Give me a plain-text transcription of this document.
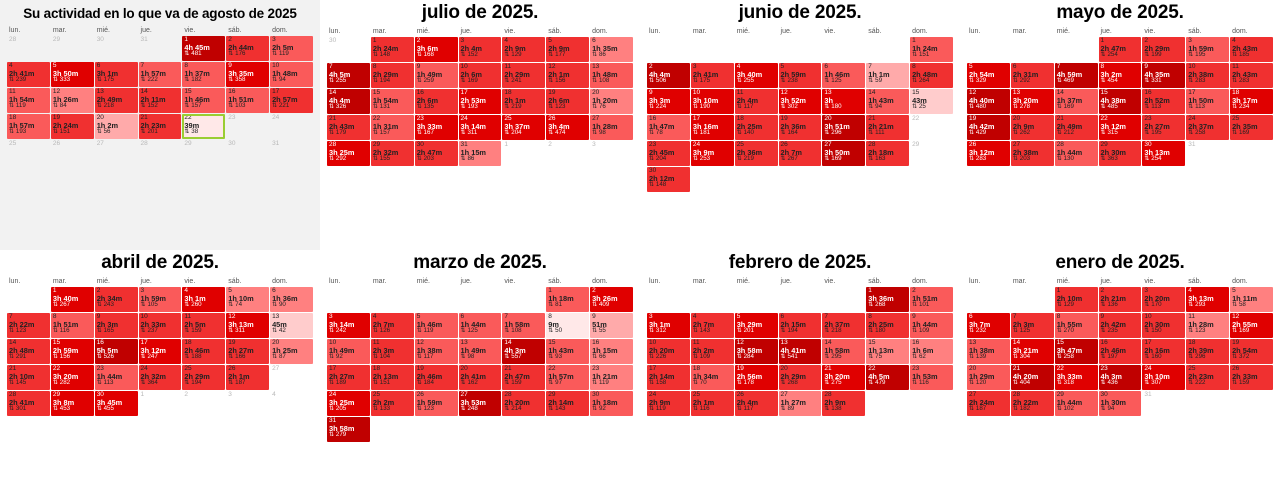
Su actividad en lo que va de agosto de 2025
lun.	mar.	mié.	jue.	vie.	sáb.	dom.

28	29	30	31	1
4h 45m
⇅ 481	2
2h 44m
⇅ 176	3
2h 5m
⇅ 119

4
2h 41m
⇅ 239	5
3h 50m
⇅ 333	6
3h 1m
⇅ 175	7
1h 57m
⇅ 222	8
1h 37m
⇅ 182	9
3h 35m
⇅ 358	10
1h 48m
⇅ 94

11
1h 54m
⇅ 119	12
1h 26m
⇅ 84	13
2h 49m
⇅ 218	14
2h 11m
⇅ 152	15
1h 46m
⇅ 157	16
1h 51m
⇅ 103	17
2h 57m
⇅ 221

18
1h 57m
⇅ 193	19
2h 24m
⇅ 151	20
1h 2m
⇅ 56	21
2h 23m
⇅ 201	22
39m
⇅ 38	23	24

25	26	27	28	29	30	31
julio de 2025.
lun.	mar.	mié.	jue.	vie.	sáb.	dom.

30	1
2h 24m
⇅ 148	2
3h 6m
⇅ 168	3
2h 4m
⇅ 152	4
2h 9m
⇅ 129	5
2h 9m
⇅ 177	6
1h 35m
⇅ 86

7
4h 5m
⇅ 255	8
2h 29m
⇅ 194	9
1h 49m
⇅ 259	10
2h 6m
⇅ 169	11
2h 29m
⇅ 241	12
2h 1m
⇅ 156	13
1h 48m
⇅ 108

14
4h 4m
⇅ 326	15
1h 54m
⇅ 131	16
2h 6m
⇅ 135	17
2h 53m
⇅ 193	18
2h 1m
⇅ 219	19
2h 6m
⇅ 123	20
1h 20m
⇅ 76

21
2h 43m
⇅ 179	22
1h 31m
⇅ 157	23
3h 33m
⇅ 167	24
3h 14m
⇅ 311	25
3h 37m
⇅ 204	26
3h 4m
⇅ 474	27
1h 28m
⇅ 98

28
3h 25m
⇅ 292	29
2h 32m
⇅ 155	30
2h 47m
⇅ 203	31
1h 15m
⇅ 86	1	2	3
junio de 2025.
lun.	mar.	mié.	jue.	vie.	sáb.	dom.

						1
1h 24m
⇅ 151

2
4h 4m
⇅ 506	3
2h 41m
⇅ 175	4
3h 40m
⇅ 255	5
2h 59m
⇅ 238	6
1h 46m
⇅ 125	7
1h 1m
⇅ 59	8
2h 48m
⇅ 264

9
3h 3m
⇅ 224	10
3h 10m
⇅ 190	11
2h 4m
⇅ 117	12
3h 52m
⇅ 302	13
3h
⇅ 180	14
1h 43m
⇅ 94	15
43m
⇅ 25

16
1h 47m
⇅ 78	17
3h 16m
⇅ 181	18
2h 25m
⇅ 140	19
2h 36m
⇅ 164	20
3h 51m
⇅ 296	21
2h 21m
⇅ 111	22

23
2h 45m
⇅ 204	24
3h 9m
⇅ 253	25
2h 36m
⇅ 219	26
2h 7m
⇅ 267	27
3h 50m
⇅ 169	28
2h 18m
⇅ 163	29

30
2h 12m
⇅ 148						

mayo de 2025.
lun.	mar.	mié.	jue.	vie.	sáb.	dom.

			1
2h 47m
⇅ 254	2
2h 29m
⇅ 199	3
1h 59m
⇅ 195	4
2h 43m
⇅ 185

5
2h 54m
⇅ 329	6
2h 31m
⇅ 292	7
4h 59m
⇅ 469	8
3h 2m
⇅ 454	9
4h 35m
⇅ 331	10
2h 38m
⇅ 283	11
2h 43m
⇅ 283

12
4h 40m
⇅ 480	13
3h 20m
⇅ 278	14
1h 37m
⇅ 169	15
4h 38m
⇅ 485	16
2h 52m
⇅ 113	17
1h 50m
⇅ 113	18
3h 17m
⇅ 234

19
4h 42m
⇅ 429	20
2h 9m
⇅ 262	21
2h 49m
⇅ 212	22
3h 12m
⇅ 315	23
2h 27m
⇅ 195	24
2h 37m
⇅ 258	25
2h 35m
⇅ 169

26
3h 12m
⇅ 283	27
2h 38m
⇅ 203	28
1h 44m
⇅ 130	29
2h 30m
⇅ 363	30
3h 13m
⇅ 254	31	

abril de 2025.
lun.	mar.	mié.	jue.	vie.	sáb.	dom.

	1
3h 40m
⇅ 267	2
2h 34m
⇅ 243	3
1h 59m
⇅ 105	4
3h 1m
⇅ 260	5
1h 10m
⇅ 74	6
1h 36m
⇅ 90

7
2h 22m
⇅ 123	8
1h 51m
⇅ 116	9
2h 3m
⇅ 165	10
2h 33m
⇅ 237	11
2h 5m
⇅ 159	12
3h 13m
⇅ 311	13
45m
⇅ 42

14
2h 48m
⇅ 291	15
2h 59m
⇅ 156	16
5h 5m
⇅ 526	17
3h 12m
⇅ 247	18
2h 46m
⇅ 188	19
2h 27m
⇅ 166	20
1h 25m
⇅ 87

21
2h 10m
⇅ 145	22
3h 20m
⇅ 282	23
1h 44m
⇅ 113	24
2h 32m
⇅ 364	25
2h 29m
⇅ 194	26
2h 1m
⇅ 187	27

28
2h 41m
⇅ 301	29
3h 8m
⇅ 453	30
3h 45m
⇅ 455	1	2	3	4
marzo de 2025.
lun.	mar.	mié.	jue.	vie.	sáb.	dom.

					1
1h 18m
⇅ 81	2
3h 26m
⇅ 409

3
3h 14m
⇅ 242	4
2h 7m
⇅ 126	5
1h 46m
⇅ 119	6
1h 44m
⇅ 125	7
1h 58m
⇅ 108	8
9m
⇅ 50	9
51m
⇅ 55

10
1h 49m
⇅ 92	11
2h 3m
⇅ 104	12
1h 38m
⇅ 117	13
1h 49m
⇅ 98	14
4h 3m
⇅ 557	15
1h 43m
⇅ 93	16
1h 15m
⇅ 66

17
2h 27m
⇅ 189	18
2h 13m
⇅ 151	19
2h 46m
⇅ 184	20
2h 41m
⇅ 162	21
2h 47m
⇅ 159	22
1h 57m
⇅ 97	23
1h 21m
⇅ 119

24
3h 25m
⇅ 205	25
2h 2m
⇅ 133	26
1h 59m
⇅ 123	27
3h 53m
⇅ 248	28
2h 20m
⇅ 214	29
2h 14m
⇅ 143	30
1h 18m
⇅ 92

31
3h 58m
⇅ 279						

febrero de 2025.
lun.	mar.	mié.	jue.	vie.	sáb.	dom.

					1
3h 36m
⇅ 268	2
1h 51m
⇅ 101

3
3h 1m
⇅ 312	4
2h 7m
⇅ 143	5
3h 29m
⇅ 201	6
2h 15m
⇅ 194	7
2h 37m
⇅ 218	8
2h 25m
⇅ 180	9
1h 44m
⇅ 109

10
2h 20m
⇅ 226	11
2h 2m
⇅ 109	12
3h 58m
⇅ 284	13
4h 41m
⇅ 541	14
1h 58m
⇅ 295	15
1h 13m
⇅ 75	16
1h 6m
⇅ 62

17
2h 14m
⇅ 158	18
1h 34m
⇅ 70	19
2h 56m
⇅ 178	20
2h 29m
⇅ 268	21
3h 20m
⇅ 275	22
4h 5m
⇅ 479	23
1h 53m
⇅ 116

24
2h 9m
⇅ 119	25
2h 1m
⇅ 116	26
2h 4m
⇅ 117	27
1h 27m
⇅ 89	28
2h 9m
⇅ 138		

enero de 2025.
lun.	mar.	mié.	jue.	vie.	sáb.	dom.

		1
2h 10m
⇅ 129	2
2h 21m
⇅ 136	3
2h 20m
⇅ 170	4
3h 13m
⇅ 293	5
1h 11m
⇅ 58

6
3h 7m
⇅ 232	7
2h 3m
⇅ 125	8
1h 55m
⇅ 270	9
2h 42m
⇅ 235	10
2h 30m
⇅ 150	11
1h 28m
⇅ 123	12
2h 55m
⇅ 169

13
1h 38m
⇅ 139	14
3h 21m
⇅ 304	15
3h 47m
⇅ 258	16
2h 46m
⇅ 197	17
2h 16m
⇅ 160	18
2h 39m
⇅ 296	19
2h 54m
⇅ 372

20
1h 29m
⇅ 120	21
4h 20m
⇅ 404	22
3h 33m
⇅ 318	23
4h 3m
⇅ 436	24
3h 10m
⇅ 307	25
2h 23m
⇅ 222	26
2h 33m
⇅ 159

27
2h 24m
⇅ 187	28
2h 22m
⇅ 182	29
1h 44m
⇅ 102	30
1h 30m
⇅ 94	31		
